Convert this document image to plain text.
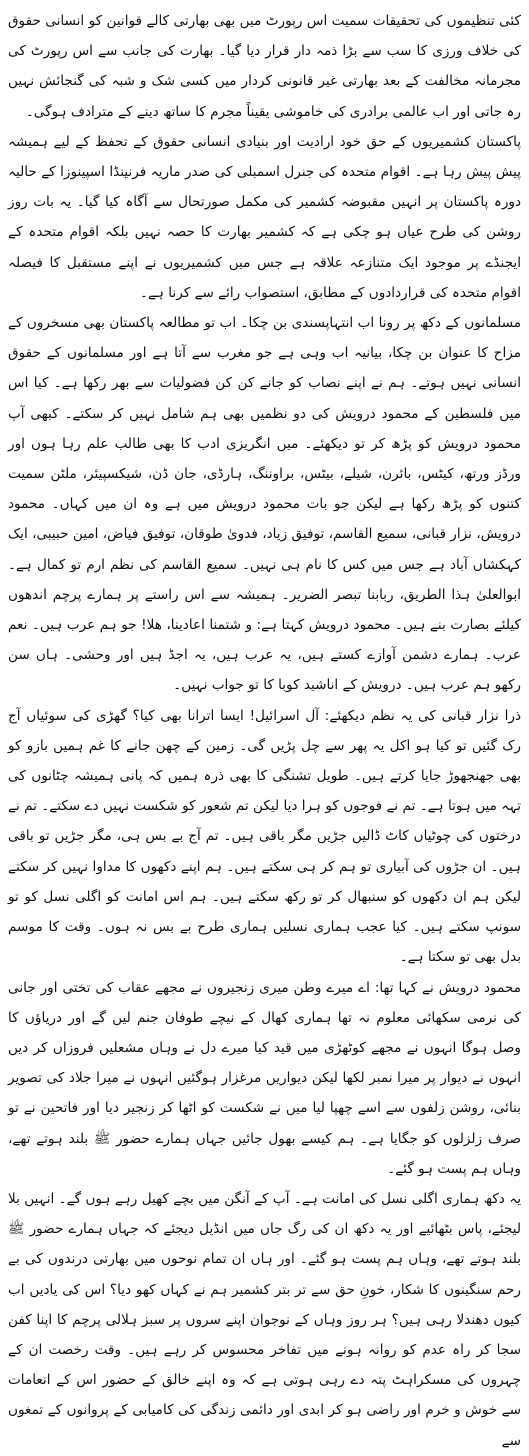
کئی تنظیموں کی تحقیقات سمیت اس رپورٹ میں بھی بھارتی کالے قوانین کو انسانی حقوق کی خلاف ورزی کا سب سے بڑا ذمہ دار قرار دیا گیا۔ بھارت کی جانب سے اس رپورٹ کی مجرمانہ مخالفت کے بعد بھارتی غیر قانونی کردار میں کسی شک و شبہ کی گنجائش نہیں رہ جاتی اور اب عالمی برادری کی خاموشی یقیناً مجرم کا ساتھ دینے کے مترادف ہوگی۔

پاکستان کشمیریوں کے حق خود ارادیت اور بنیادی انسانی حقوق کے تحفظ کے لیے ہمیشہ پیش پیش رہا ہے۔ اقوام متحدہ کی جنرل اسمبلی کی صدر ماریہ فرنینڈا اسپینوزا کے حالیہ دورہ پاکستان پر انہیں مقبوضہ کشمیر کی مکمل صورتحال سے آگاہ کیا گیا۔ یہ بات روز روشن کی طرح عیاں ہو چکی ہے کہ کشمیر بھارت کا حصہ نہیں بلکہ اقوام متحدہ کے ایجنڈے پر موجود ایک متنازعہ علاقہ ہے جس میں کشمیریوں نے اپنے مستقبل کا فیصلہ اقوام متحدہ کی قراردادوں کے مطابق، استصواب رائے سے کرنا ہے۔

مسلمانوں کے دکھ پر رونا اب انتہاپسندی بن چکا۔ اب تو مطالعہ پاکستان بھی مسخروں کے مزاح کا عنوان بن چکا، بیانیہ اب وہی ہے جو مغرب سے آتا ہے اور مسلمانوں کے حقوق انسانی نہیں ہوتے۔ ہم نے اپنے نصاب کو جانے کن کن فضولیات سے بھر رکھا ہے۔ کیا اس میں فلسطین کے محمود درویش کی دو نظمیں بھی ہم شامل نہیں کر سکتے۔ کبھی آپ محمود درویش کو پڑھ کر تو دیکھئے۔ میں انگریزی ادب کا بھی طالب علم رہا ہوں اور ورڈز ورتھ، کیٹس، بائرن، شیلے، بیٹس، براوننگ، ہارڈی، جان ڈن، شیکسپیئر، ملٹن سمیت کتنوں کو پڑھ رکھا ہے لیکن جو بات محمود درویش میں ہے وہ ان میں کہاں۔ محمود درویش، نزار قبانی، سمیع القاسم، توفیق زیاد، فدویٰ طوقان، توفیق فیاض، امین حبیبی، ایک کہکشاں آباد ہے جس میں کس کا نام ہی نہیں۔ سمیع القاسم کی نظم ارم تو کمال ہے۔ ابوالعلیٰ ہذا الطریق، ربابنا تبصر الضریر۔ ہمیشہ سے اس راستے پر ہمارے پرچم اندھوں کیلئے بصارت بنے ہیں۔ محمود درویش کہتا ہے: و شتمنا اعادینا، هلا! جو ہم عرب ہیں۔ نعم عرب۔ ہمارے دشمن آوازے کستے ہیں، یہ عرب ہیں، یہ اجڈ ہیں اور وحشی۔ ہاں سن رکھو ہم عرب ہیں۔ درویش کے اناشید کوبا کا تو جواب نہیں۔

ذرا نزار قبانی کی یہ نظم دیکھئے: آل اسرائیل! ایسا اترانا بھی کیا؟ گھڑی کی سوئیاں آج رک گئیں تو کیا ہو اکل یہ پھر سے چل پڑیں گی۔ زمین کے چھن جانے کا غم ہمیں بازو کو بھی جھنجھوڑ جایا کرتے ہیں۔ طویل تشنگی کا بھی ذرہ ہمیں کہ پانی ہمیشہ چٹانوں کی تہہ میں ہوتا ہے۔ تم نے فوجوں کو ہرا دیا لیکن تم شعور کو شکست نہیں دے سکتے۔ تم نے درختوں کی چوٹیاں کاٹ ڈالیں جڑیں مگر باقی ہیں۔ تم آج بے بس ہی، مگر جڑیں تو باقی ہیں۔ ان جڑوں کی آبیاری تو ہم کر ہی سکتے ہیں۔ ہم اپنے دکھوں کا مداوا نہیں کر سکتے لیکن ہم ان دکھوں کو سنبھال کر تو رکھ سکتے ہیں۔ ہم اس امانت کو اگلی نسل کو تو سونپ سکتے ہیں۔ کیا عجب ہماری نسلیں ہماری طرح بے بس نہ ہوں۔ وقت کا موسم بدل بھی تو سکتا ہے۔

محمود درویش نے کہا تھا: اے میرے وطن میری زنجیروں نے مجھے عقاب کی تختی اور جانی کی نرمی سکھائی معلوم نہ تھا ہماری کھال کے نیچے طوفان جنم لیں گے اور دریاؤں کا وصل ہوگا انہوں نے مجھے کوٹھڑی میں قید کیا میرے دل نے وہاں مشعلیں فروزاں کر دیں انہوں نے دیوار پر میرا نمبر لکھا لیکن دیواریں مرغزار ہوگئیں انہوں نے میرا جلاد کی تصویر بنائی، روشن زلفوں سے اسے چھپا لیا میں نے شکست کو اٹھا کر زنجیر دیا اور فاتحین نے تو صرف زلزلوں کو جگایا ہے۔ ہم کیسے بھول جائیں جہاں ہمارے حضور ﷺ بلند ہوتے تھے، وہاں ہم پست ہو گئے۔

یہ دکھ ہماری اگلی نسل کی امانت ہے۔ آپ کے آنگن میں بچے کھیل رہے ہوں گے۔ انہیں بلا لیجئے، پاس بٹھائیے اور یہ دکھ ان کی رگ جاں میں انڈیل دیجئے کہ جہاں ہمارے حضور ﷺ بلند ہوتے تھے، وہاں ہم پست ہو گئے۔ اور ہاں ان تمام نوحوں میں بھارتی درندوں کی بے رحم سنگینوں کا شکار، خونِ حق سے تر بتر کشمیر ہم نے کہاں کھو دیا؟ اس کی یادیں اب کیوں دھندلا رہی ہیں؟ ہر روز وہاں کے نوجوان اپنے سروں پر سبز ہلالی پرچم کا اپنا کفن سجا کر راہ عدم کو روانہ ہونے میں تفاخر محسوس کر رہے ہیں۔ وقت رخصت ان کے چہروں کی مسکراہٹ پتہ دے رہی ہوتی ہے کہ وہ اپنے خالق کے حضور اس کے انعامات سے خوش و خرم اور راضی ہو کر ابدی اور دائمی زندگی کی کامیابی کے پروانوں کے تمغوں سے
